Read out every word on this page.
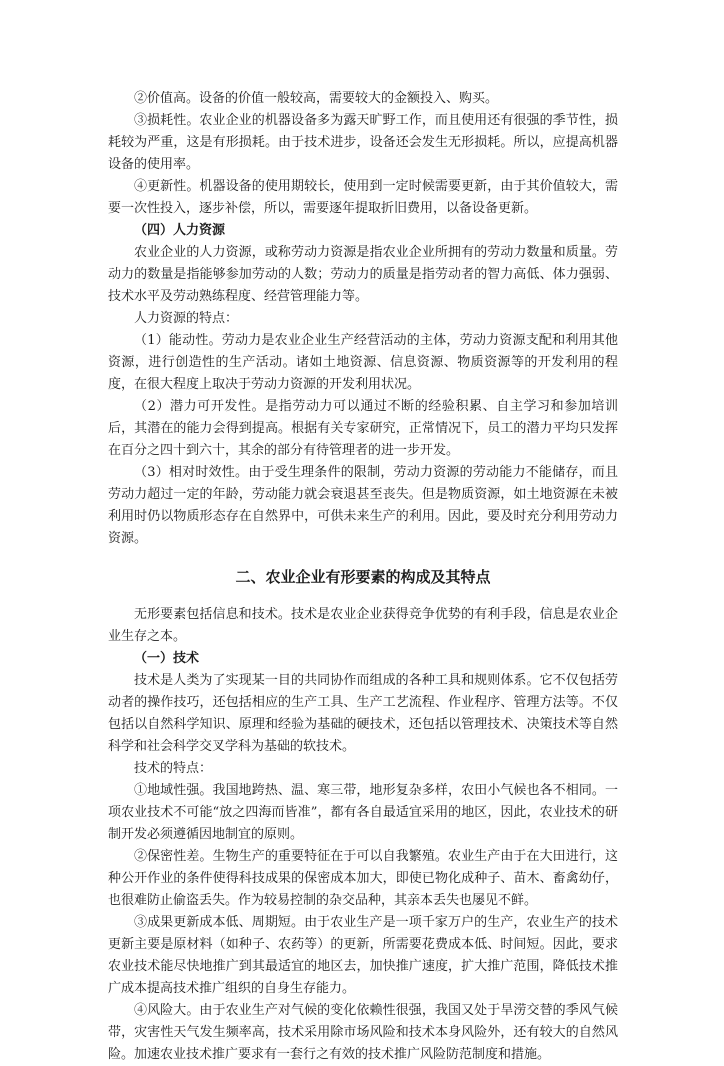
②价值高。设备的价值一般较高，需要较大的金额投入、购买。

③损耗性。农业企业的机器设备多为露天旷野工作，而且使用还有很强的季节性，损耗较为严重，这是有形损耗。由于技术进步，设备还会发生无形损耗。所以，应提高机器设备的使用率。

④更新性。机器设备的使用期较长，使用到一定时候需要更新，由于其价值较大，需要一次性投入，逐步补偿，所以，需要逐年提取折旧费用，以备设备更新。

（四）人力资源

农业企业的人力资源，或称劳动力资源是指农业企业所拥有的劳动力数量和质量。劳动力的数量是指能够参加劳动的人数；劳动力的质量是指劳动者的智力高低、体力强弱、技术水平及劳动熟练程度、经营管理能力等。

人力资源的特点：

（1）能动性。劳动力是农业企业生产经营活动的主体，劳动力资源支配和利用其他资源，进行创造性的生产活动。诸如土地资源、信息资源、物质资源等的开发利用的程度，在很大程度上取决于劳动力资源的开发利用状况。

（2）潜力可开发性。是指劳动力可以通过不断的经验积累、自主学习和参加培训后，其潜在的能力会得到提高。根据有关专家研究，正常情况下，员工的潜力平均只发挥在百分之四十到六十，其余的部分有待管理者的进一步开发。

（3）相对时效性。由于受生理条件的限制，劳动力资源的劳动能力不能储存，而且劳动力超过一定的年龄，劳动能力就会衰退甚至丧失。但是物质资源，如土地资源在未被利用时仍以物质形态存在自然界中，可供未来生产的利用。因此，要及时充分利用劳动力资源。

二、农业企业有形要素的构成及其特点

无形要素包括信息和技术。技术是农业企业获得竞争优势的有利手段，信息是农业企业生存之本。

（一）技术

技术是人类为了实现某一目的共同协作而组成的各种工具和规则体系。它不仅包括劳动者的操作技巧，还包括相应的生产工具、生产工艺流程、作业程序、管理方法等。不仅包括以自然科学知识、原理和经验为基础的硬技术，还包括以管理技术、决策技术等自然科学和社会科学交叉学科为基础的软技术。

技术的特点：

①地域性强。我国地跨热、温、寒三带，地形复杂多样，农田小气候也各不相同。一项农业技术不可能“放之四海而皆准”，都有各自最适宜采用的地区，因此，农业技术的研制开发必须遵循因地制宜的原则。

②保密性差。生物生产的重要特征在于可以自我繁殖。农业生产由于在大田进行，这种公开作业的条件使得科技成果的保密成本加大，即使已物化成种子、苗木、畜禽幼仔，也很难防止偷盗丢失。作为较易控制的杂交品种，其亲本丢失也屡见不鲜。

③成果更新成本低、周期短。由于农业生产是一项千家万户的生产，农业生产的技术更新主要是原材料（如种子、农药等）的更新，所需要花费成本低、时间短。因此，要求农业技术能尽快地推广到其最适宜的地区去，加快推广速度，扩大推广范围，降低技术推广成本提高技术推广组织的自身生存能力。

④风险大。由于农业生产对气候的变化依赖性很强，我国又处于旱涝交替的季风气候带，灾害性天气发生频率高，技术采用除市场风险和技术本身风险外，还有较大的自然风险。加速农业技术推广要求有一套行之有效的技术推广风险防范制度和措施。
